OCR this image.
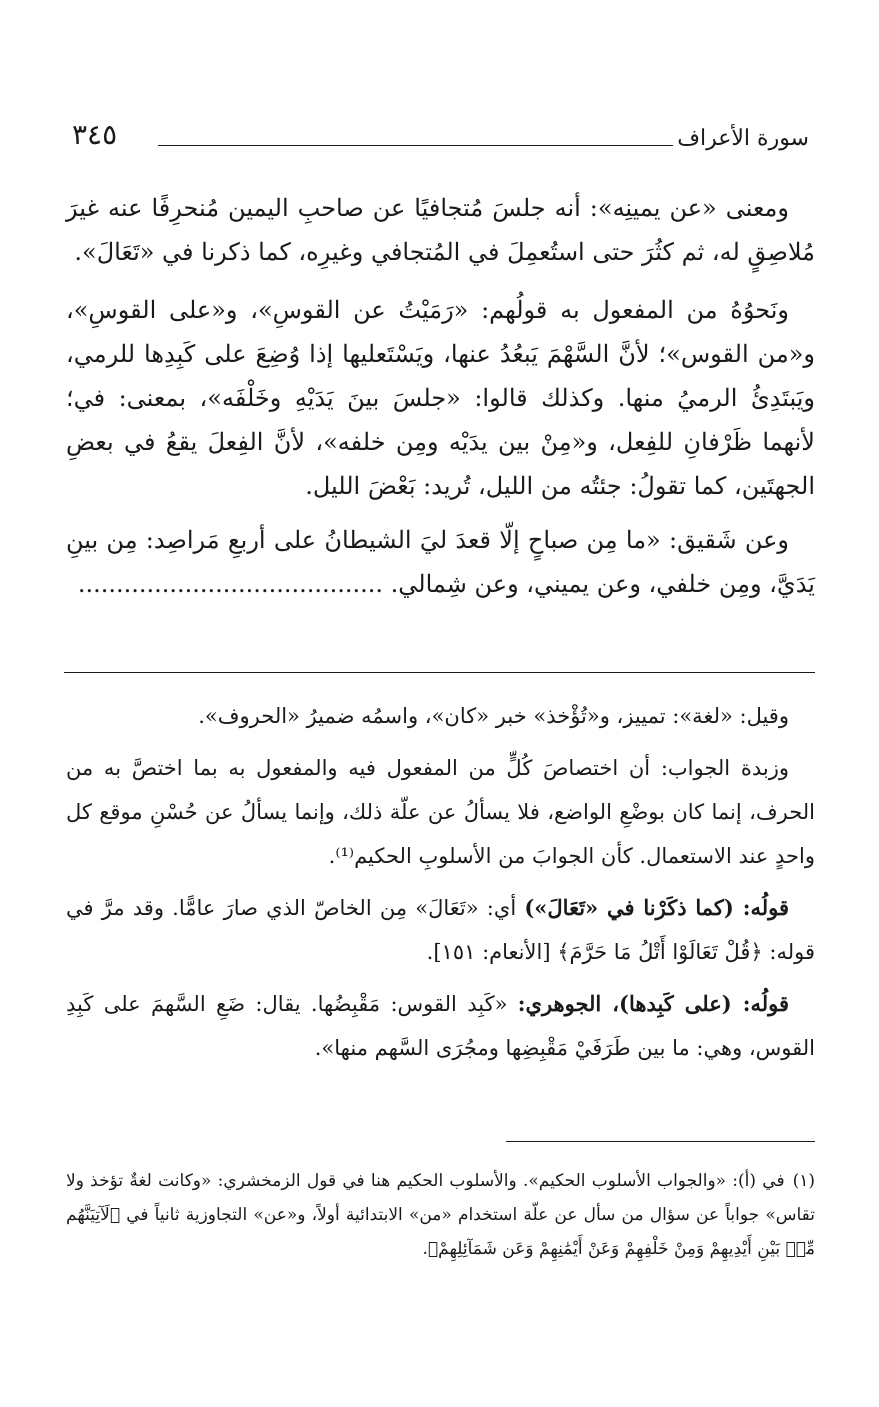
سورة الأعراف
٣٤٥

ومعنى «عن يمينِه»: أنه جلسَ مُتجافيًا عن صاحبِ اليمين مُنحرِفًا عنه غيرَ مُلاصِقٍ له، ثم كثُرَ حتى استُعمِلَ في المُتجافي وغيرِه، كما ذكرنا في «تَعَالَ».

ونَحوُهُ من المفعول به قولُهم: «رَمَيْتُ عن القوسِ»، و«على القوسِ»، و«من القوس»؛ لأنَّ السَّهْمَ يَبعُدُ عنها، ويَسْتَعليها إذا وُضِعَ على كَبِدِها للرمي، ويَبتَدِئُ الرميُ منها. وكذلك قالوا: «جلسَ بينَ يَدَيْهِ وخَلْفَه»، بمعنى: في؛ لأنهما ظَرْفانِ للفِعل، و«مِنْ بين يدَيْه ومِن خلفه»، لأنَّ الفِعلَ يقعُ في بعضِ الجهتَين، كما تقولُ: جئتُه من الليل، تُريد: بَعْضَ الليل.

وعن شَقيق: «ما مِن صباحٍ إلّا قعدَ ليَ الشيطانُ على أربعِ مَراصِد: مِن بينِ يَدَيَّ، ومِن خلفي، وعن يميني، وعن شِمالي. ........................................

وقيل: «لغة»: تمييز، و«تُؤْخذ» خبر «كان»، واسمُه ضميرُ «الحروف».

وزبدة الجواب: أن اختصاصَ كُلٍّ من المفعول فيه والمفعول به بما اختصَّ به من الحرف، إنما كان بوضْعِ الواضع، فلا يسألُ عن علّة ذلك، وإنما يسألُ عن حُسْنِ موقع كل واحدٍ عند الاستعمال. كأن الجوابَ من الأسلوبِ الحكيم⁽¹⁾.

قولُه: (كما ذكَرْنا في «تَعَالَ») أي: «تَعَالَ» مِن الخاصّ الذي صارَ عامًّا. وقد مرَّ في قوله: ﴿قُلْ تَعَالَوْا أَتْلُ مَا حَرَّمَ﴾ [الأنعام: ١٥١].

قولُه: (على كَبِدها)، الجوهري: «كَبِد القوس: مَقْبِضُها. يقال: ضَعِ السَّهمَ على كَبِدِ القوس، وهي: ما بين طَرَفَيْ مَقْبِضِها ومجُرَى السَّهم منها».

(١)في (أ): «والجواب الأسلوب الحكيم». والأسلوب الحكيم هنا في قول الزمخشري: «وكانت لغةٌ تؤخذ ولا تقاس» جواباً عن سؤال من سأل عن علّة استخدام «من» الابتدائية أولاً، و«عن» التجاوزية ثانياً في ﴿لَآتِيَنَّهُم مِّنۢ بَيْنِ أَيْدِيهِمْ وَمِنْ خَلْفِهِمْ وَعَنْ أَيْمَٰنِهِمْ وَعَن شَمَآئِلِهِمْ﴾.
